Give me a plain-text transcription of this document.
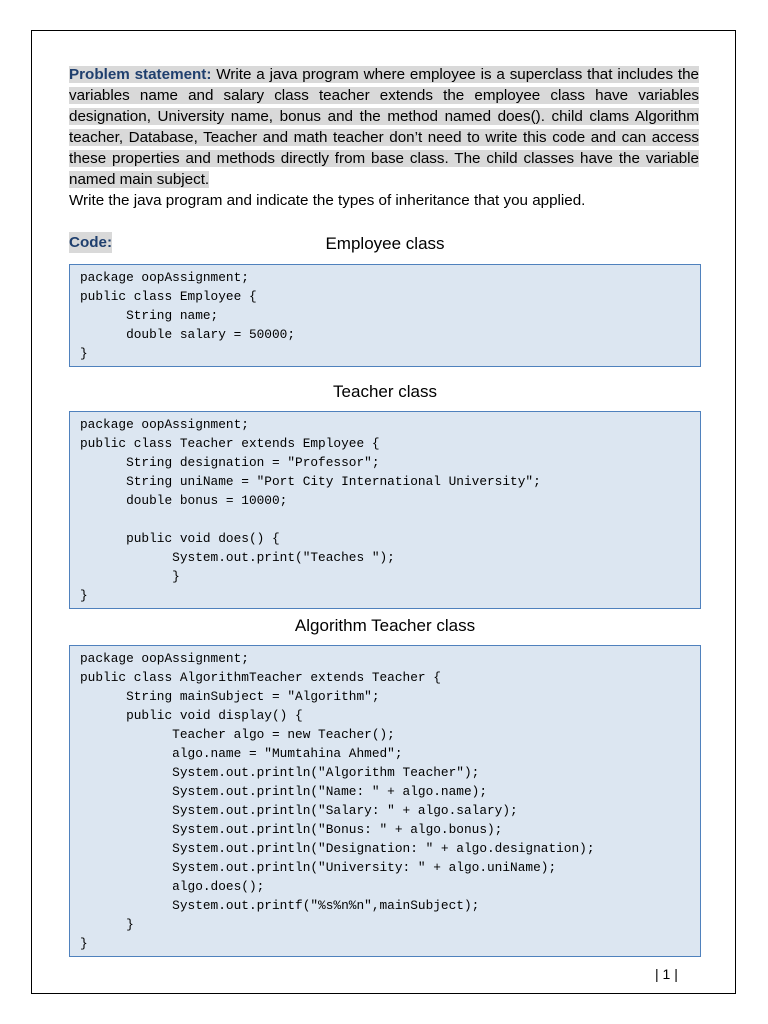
Problem statement: Write a java program where employee is a superclass that includes the variables name and salary class teacher extends the employee class have variables designation, University name, bonus and the method named does(). child clams Algorithm teacher, Database, Teacher and math teacher don’t need to write this code and can access these properties and methods directly from base class. The child classes have the variable named main subject.
Write the java program and indicate the types of inheritance that you applied.
Code:	Employee class
package oopAssignment;
public class Employee {
String name;
double salary = 50000;
}
Teacher class
package oopAssignment;
public class Teacher extends Employee {
String designation = "Professor";
String uniName = "Port City International University";
double bonus = 10000;
public void does() {
System.out.print("Teaches ");
}
}
Algorithm Teacher class
package oopAssignment;
public class AlgorithmTeacher extends Teacher {
String mainSubject = "Algorithm";
public void display() {
Teacher algo = new Teacher();
algo.name = "Mumtahina Ahmed";
System.out.println("Algorithm Teacher");
System.out.println("Name: " + algo.name);
System.out.println("Salary: " + algo.salary);
System.out.println("Bonus: " + algo.bonus);
System.out.println("Designation: " + algo.designation);
System.out.println("University: " + algo.uniName);
algo.does();
System.out.printf("%s%n%n",mainSubject);
}
}
| 1 |
